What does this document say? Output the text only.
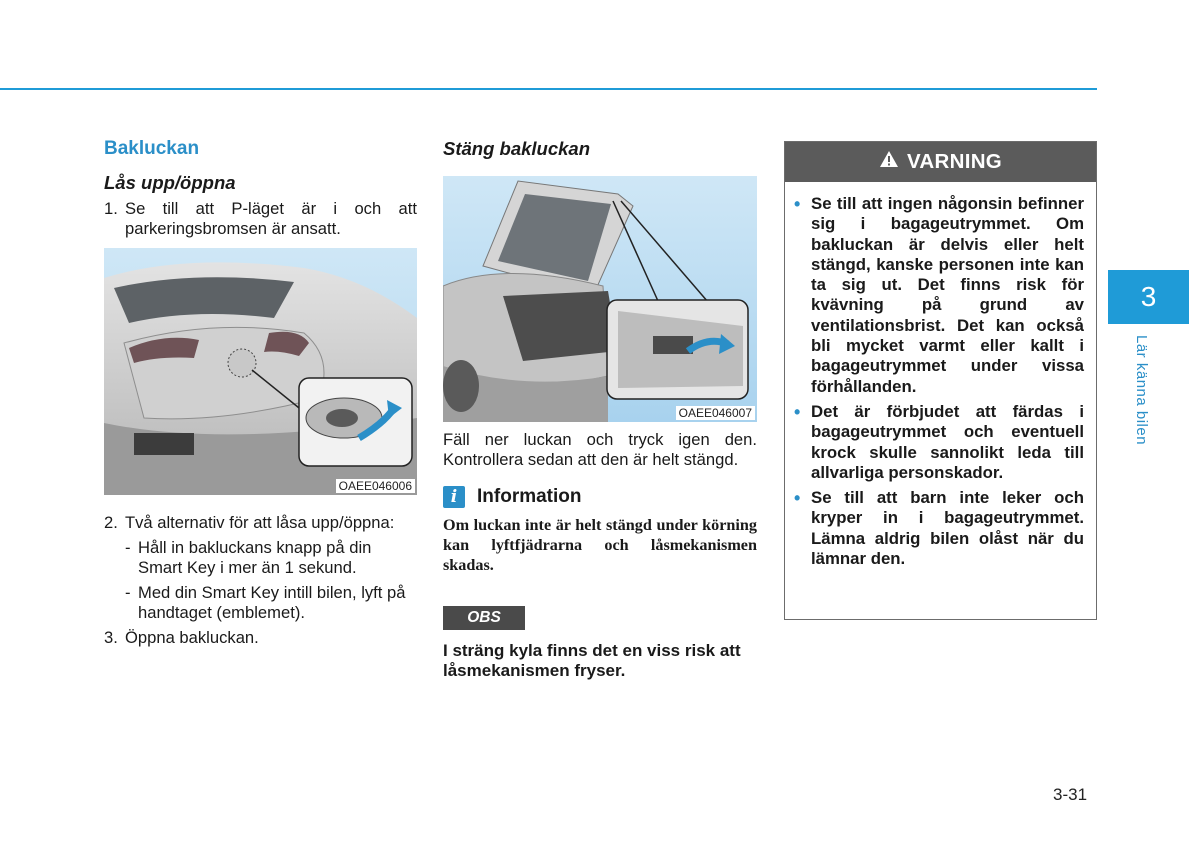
Bakluckan
Lås upp/öppna
1. Se till att P-läget är i och att parkeringsbromsen är ansatt.
OAEE046006
2. Två alternativ för att låsa upp/öppna:
- Håll in bakluckans knapp på din Smart Key i mer än 1 sekund.
- Med din Smart Key intill bilen, lyft på handtaget (emblemet).
3. Öppna bakluckan.
Stäng bakluckan
OAEE046007
Fäll ner luckan och tryck igen den. Kontrollera sedan att den är helt stängd.
i	Information
Om luckan inte är helt stängd under körning kan lyftfjädrarna och låsmekanismen skadas.
OBS
I sträng kyla finns det en viss risk att låsmekanismen fryser.
VARNING
• Se till att ingen någonsin befinner sig i bagageutrymmet. Om bakluckan är delvis eller helt stängd, kanske personen inte kan ta sig ut. Det finns risk för kvävning på grund av ventilationsbrist. Det kan också bli mycket varmt eller kallt i bagageutrymmet under vissa förhållanden.
• Det är förbjudet att färdas i bagageutrymmet och eventuell krock skulle sannolikt leda till allvarliga personskador.
• Se till att barn inte leker och kryper in i bagageutrymmet. Lämna aldrig bilen olåst när du lämnar den.
3
Lär känna bilen
3-31
